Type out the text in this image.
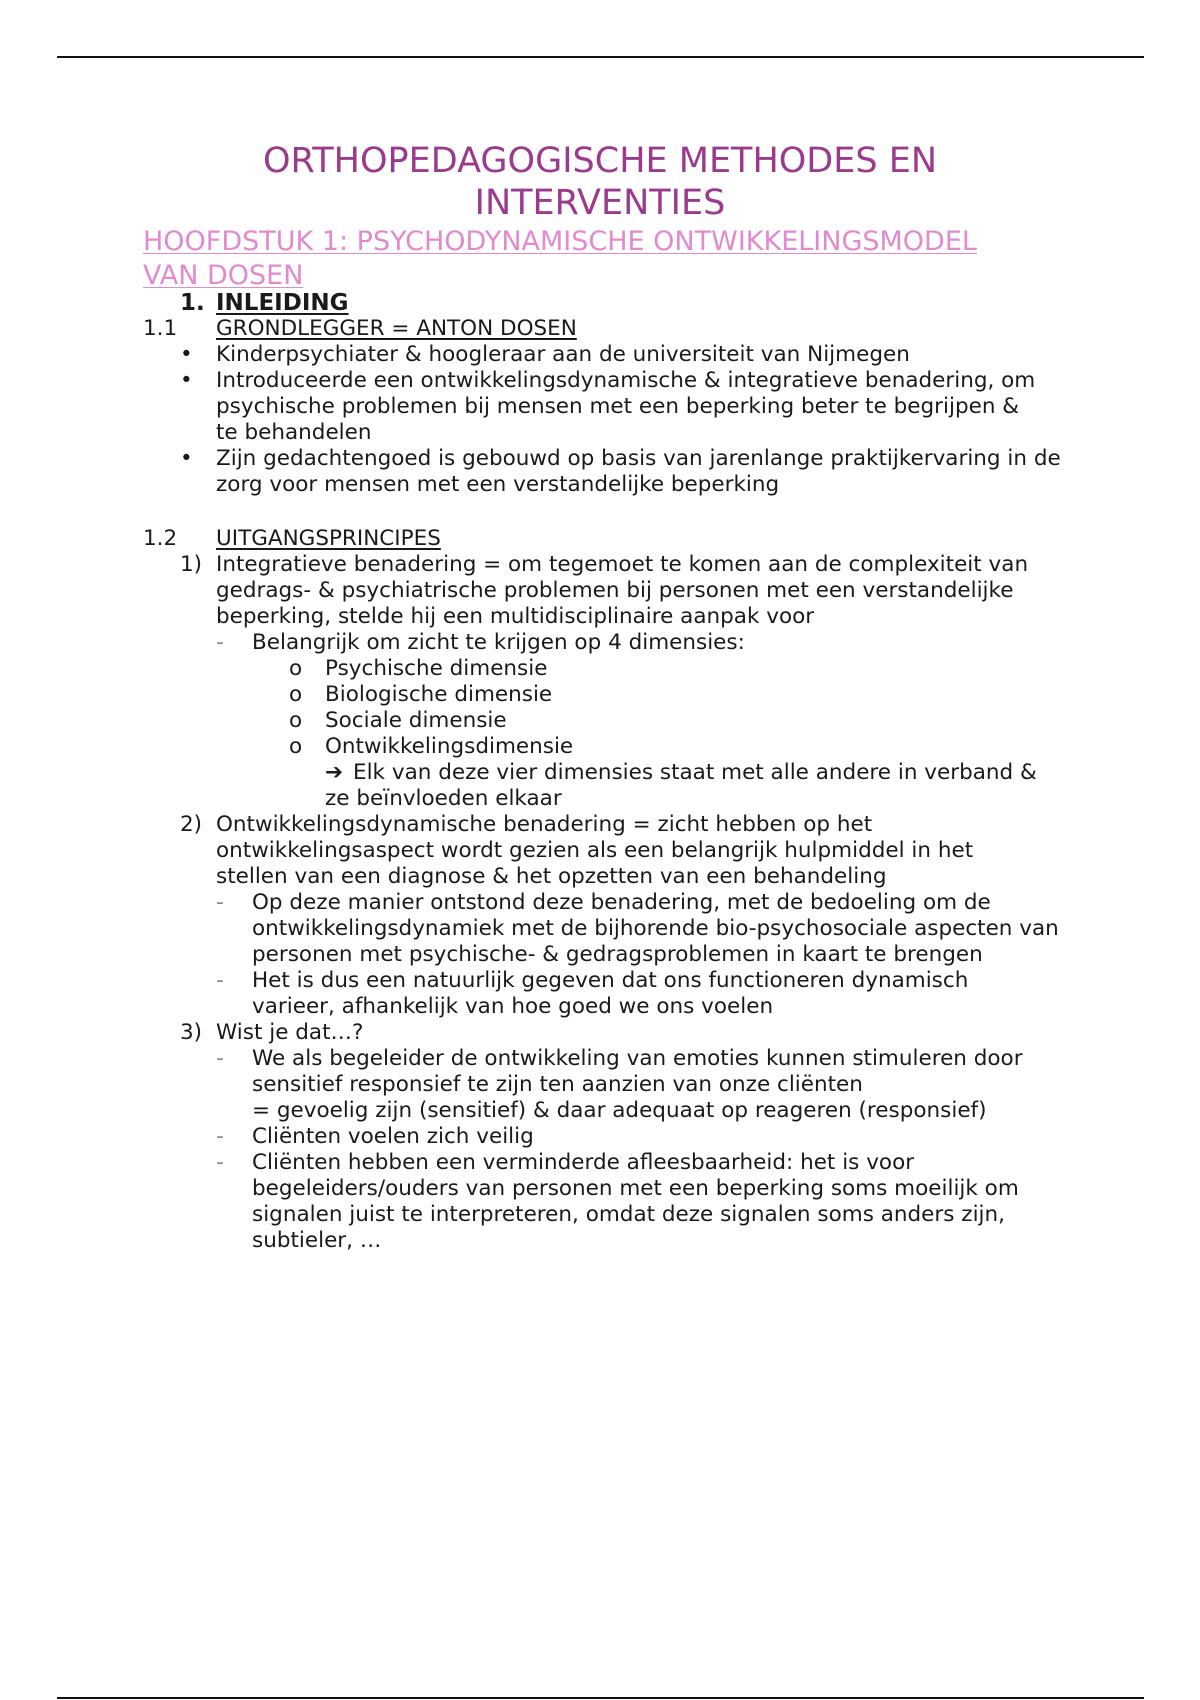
ORTHOPEDAGOGISCHE METHODES EN
INTERVENTIES
HOOFDSTUK 1: PSYCHODYNAMISCHE ONTWIKKELINGSMODEL
VAN DOSEN
1. INLEIDING
1.1 GRONDLEGGER = ANTON DOSEN
• Kinderpsychiater & hoogleraar aan de universiteit van Nijmegen
• Introduceerde een ontwikkelingsdynamische & integratieve benadering, om psychische problemen bij mensen met een beperking beter te begrijpen & te behandelen
• Zijn gedachtengoed is gebouwd op basis van jarenlange praktijkervaring in de zorg voor mensen met een verstandelijke beperking
1.2 UITGANGSPRINCIPES
1) Integratieve benadering = om tegemoet te komen aan de complexiteit van gedrags- & psychiatrische problemen bij personen met een verstandelijke beperking, stelde hij een multidisciplinaire aanpak voor
- Belangrijk om zicht te krijgen op 4 dimensies:
o Psychische dimensie
o Biologische dimensie
o Sociale dimensie
o Ontwikkelingsdimensie
➔ Elk van deze vier dimensies staat met alle andere in verband & ze beïnvloeden elkaar
2) Ontwikkelingsdynamische benadering = zicht hebben op het ontwikkelingsaspect wordt gezien als een belangrijk hulpmiddel in het stellen van een diagnose & het opzetten van een behandeling
- Op deze manier ontstond deze benadering, met de bedoeling om de ontwikkelingsdynamiek met de bijhorende bio-psychosociale aspecten van personen met psychische- & gedragsproblemen in kaart te brengen
- Het is dus een natuurlijk gegeven dat ons functioneren dynamisch varieer, afhankelijk van hoe goed we ons voelen
3) Wist je dat…?
- We als begeleider de ontwikkeling van emoties kunnen stimuleren door sensitief responsief te zijn ten aanzien van onze cliënten
= gevoelig zijn (sensitief) & daar adequaat op reageren (responsief)
- Cliënten voelen zich veilig
- Cliënten hebben een verminderde afleesbaarheid: het is voor begeleiders/ouders van personen met een beperking soms moeilijk om signalen juist te interpreteren, omdat deze signalen soms anders zijn, subtieler, …
